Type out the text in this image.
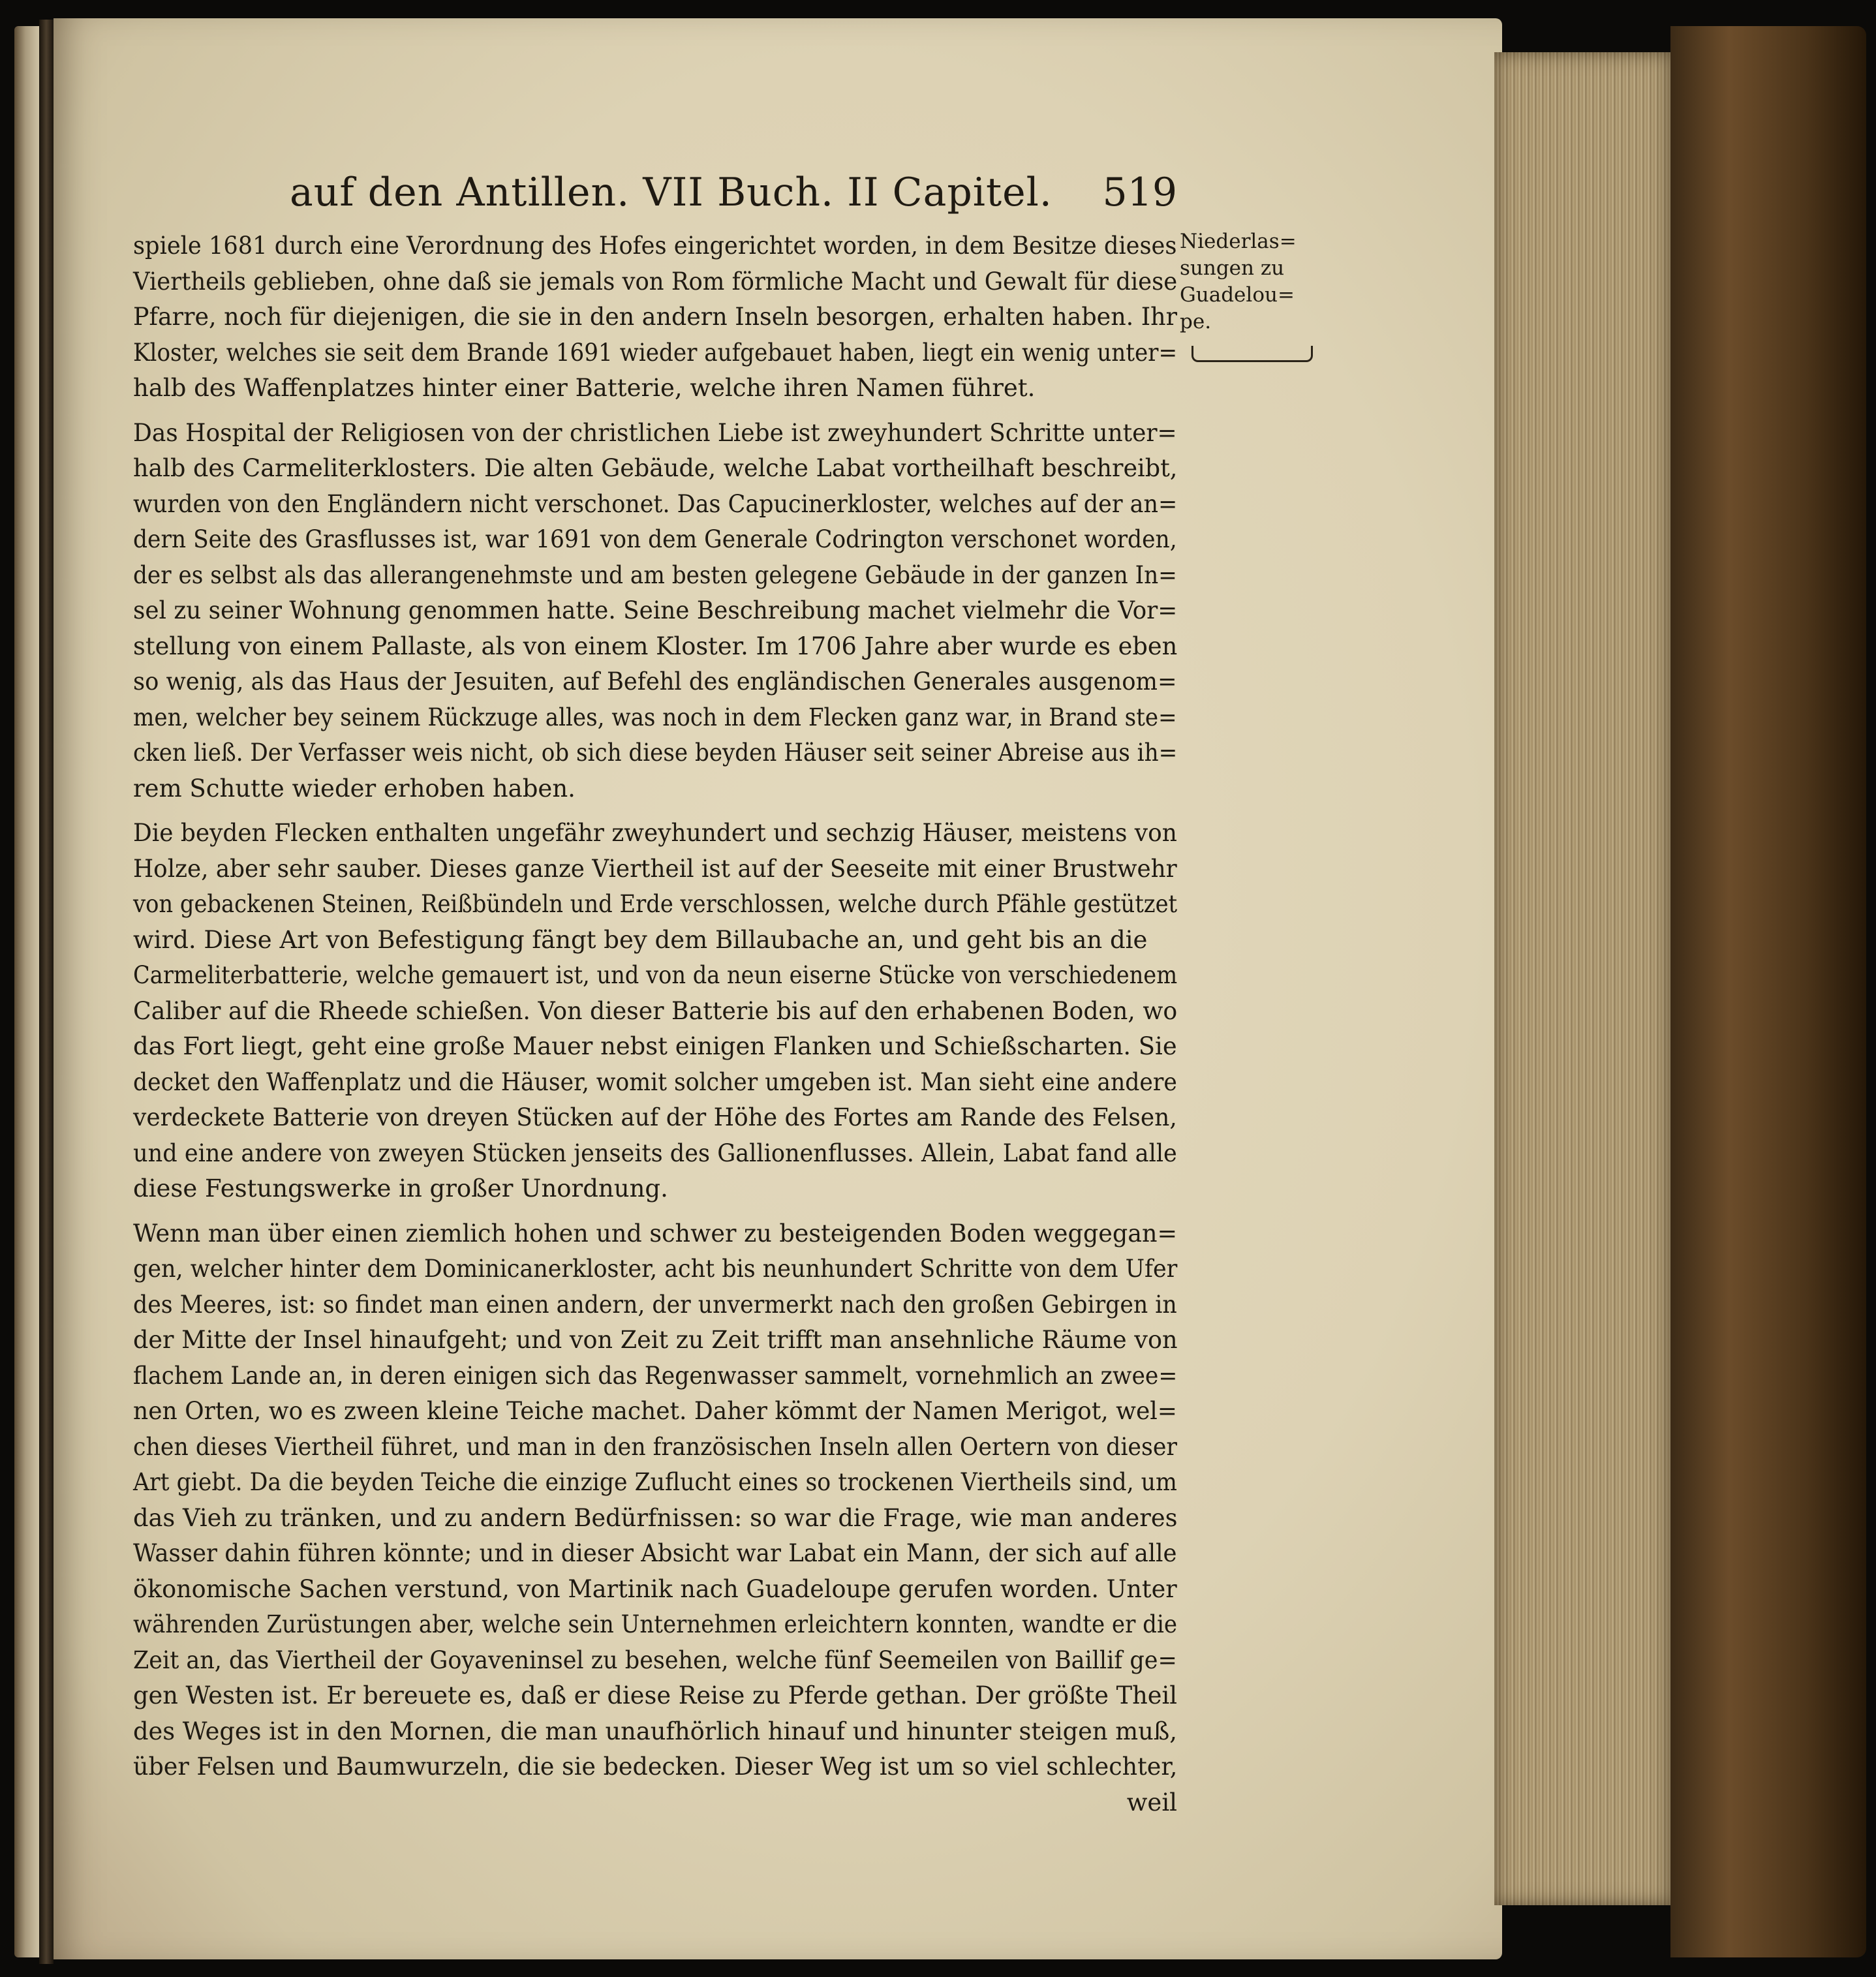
auf den Antillen. VII Buch. II Capitel. 519
spiele 1681 durch eine Verordnung des Hofes eingerichtet worden, in dem Besitze dieses
Viertheils geblieben, ohne daß sie jemals von Rom förmliche Macht und Gewalt für diese
Pfarre, noch für diejenigen, die sie in den andern Inseln besorgen, erhalten haben. Ihr
Kloster, welches sie seit dem Brande 1691 wieder aufgebauet haben, liegt ein wenig unter=
halb des Waffenplatzes hinter einer Batterie, welche ihren Namen führet.
Das Hospital der Religiosen von der christlichen Liebe ist zweyhundert Schritte unter=
halb des Carmeliterklosters. Die alten Gebäude, welche Labat vortheilhaft beschreibt,
wurden von den Engländern nicht verschonet. Das Capucinerkloster, welches auf der an=
dern Seite des Grasflusses ist, war 1691 von dem Generale Codrington verschonet worden,
der es selbst als das allerangenehmste und am besten gelegene Gebäude in der ganzen In=
sel zu seiner Wohnung genommen hatte. Seine Beschreibung machet vielmehr die Vor=
stellung von einem Pallaste, als von einem Kloster. Im 1706 Jahre aber wurde es eben
so wenig, als das Haus der Jesuiten, auf Befehl des engländischen Generales ausgenom=
men, welcher bey seinem Rückzuge alles, was noch in dem Flecken ganz war, in Brand ste=
cken ließ. Der Verfasser weis nicht, ob sich diese beyden Häuser seit seiner Abreise aus ih=
rem Schutte wieder erhoben haben.
Die beyden Flecken enthalten ungefähr zweyhundert und sechzig Häuser, meistens von
Holze, aber sehr sauber. Dieses ganze Viertheil ist auf der Seeseite mit einer Brustwehr
von gebackenen Steinen, Reißbündeln und Erde verschlossen, welche durch Pfähle gestützet
wird. Diese Art von Befestigung fängt bey dem Billaubache an, und geht bis an die
Carmeliterbatterie, welche gemauert ist, und von da neun eiserne Stücke von verschiedenem
Caliber auf die Rheede schießen. Von dieser Batterie bis auf den erhabenen Boden, wo
das Fort liegt, geht eine große Mauer nebst einigen Flanken und Schießscharten. Sie
decket den Waffenplatz und die Häuser, womit solcher umgeben ist. Man sieht eine andere
verdeckete Batterie von dreyen Stücken auf der Höhe des Fortes am Rande des Felsen,
und eine andere von zweyen Stücken jenseits des Gallionenflusses. Allein, Labat fand alle
diese Festungswerke in großer Unordnung.
Wenn man über einen ziemlich hohen und schwer zu besteigenden Boden weggegan=
gen, welcher hinter dem Dominicanerkloster, acht bis neunhundert Schritte von dem Ufer
des Meeres, ist: so findet man einen andern, der unvermerkt nach den großen Gebirgen in
der Mitte der Insel hinaufgeht; und von Zeit zu Zeit trifft man ansehnliche Räume von
flachem Lande an, in deren einigen sich das Regenwasser sammelt, vornehmlich an zwee=
nen Orten, wo es zween kleine Teiche machet. Daher kömmt der Namen Merigot, wel=
chen dieses Viertheil führet, und man in den französischen Inseln allen Oertern von dieser
Art giebt. Da die beyden Teiche die einzige Zuflucht eines so trockenen Viertheils sind, um
das Vieh zu tränken, und zu andern Bedürfnissen: so war die Frage, wie man anderes
Wasser dahin führen könnte; und in dieser Absicht war Labat ein Mann, der sich auf alle
ökonomische Sachen verstund, von Martinik nach Guadeloupe gerufen worden. Unter
währenden Zurüstungen aber, welche sein Unternehmen erleichtern konnten, wandte er die
Zeit an, das Viertheil der Goyaveninsel zu besehen, welche fünf Seemeilen von Baillif ge=
gen Westen ist. Er bereuete es, daß er diese Reise zu Pferde gethan. Der größte Theil
des Weges ist in den Mornen, die man unaufhörlich hinauf und hinunter steigen muß,
über Felsen und Baumwurzeln, die sie bedecken. Dieser Weg ist um so viel schlechter,
weil
Niederlas=
sungen zu
Guadelou=
pe.
